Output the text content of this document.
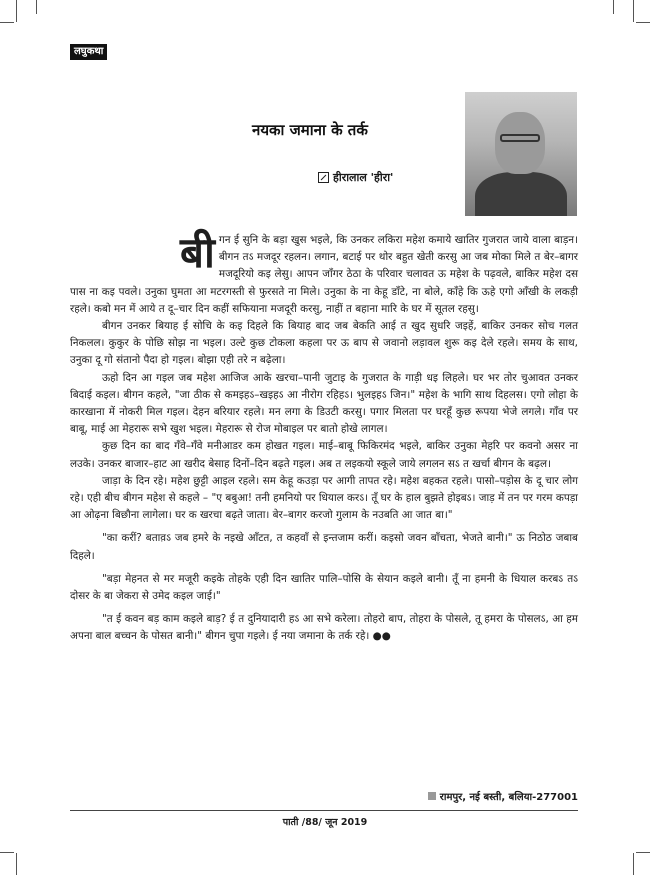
लघुकथा
नयका जमाना के तर्क
हीरालाल 'हीरा'

बीगन ई सुनि के बड़ा खुस भइले, कि उनकर लकिरा महेश कमाये खातिर गुजरात जाये वाला बाड़न। बीगन तऽ मजदूर रहलन। लगान, बटाई पर थोर बहुत खेती करसु आ जब मोका मिले त बेर–बागर मजदूरियो कइ लेसु। आपन जाँगर ठेठा के परिवार चलावत ऊ महेश के पढ़वले, बाकिर महेश दस पास ना कइ पवले। उनुका घुमता आ मटरगस्ती से फुरसते ना मिले। उनुका के ना केहू डाँटे, ना बोले, काँहे कि ऊहे एगो आँखी के लकड़ी रहले। कबो मन में आये त दू–चार दिन कहीं सफियाना मजदूरी करसु, नाहीं त बहाना मारि के घर में सूतल रहसु।

बीगन उनकर बियाह ई सोचि के कइ दिहले कि बियाह बाद जब बेकति आई त खुद सुधरि जइहें, बाकिर उनकर सोच गलत निकलल। कुकुर के पोछि सोझ ना भइल। उल्टे कुछ टोकला कहला पर ऊ बाप से जवानो लड़ावल शुरू कइ देले रहले। समय के साथ, उनुका दू गो संतानो पैदा हो गइल। बोझा एही तरे न बढ़ेला।

ऊहो दिन आ गइल जब महेश आजिज आके खरचा–पानी जुटाइ के गुजरात के गाड़ी धइ लिहले। घर भर तोर चुआवत उनकर बिदाई कइल। बीगन कहले, "जा ठीक से कमइहऽ–खइहऽ आ नीरोग रहिहऽ। भुलइहऽ जिन।" महेश के भागि साथ दिहलस। एगो लोहा के कारखाना में नोकरी मिल गइल। देहन बरियार रहले। मन लगा के डिउटी करसु। पगार मिलता पर घरहूँ कुछ रूपया भेजे लगले। गाँव पर बाबू, माई आ मेहरारू सभे खुश भइल। मेहरारू से रोज मोबाइल पर बातो होखे लागल।

कुछ दिन का बाद गँवे–गँवे मनीआडर कम होखत गइल। माई–बाबू फिकिरमंद भइले, बाकिर उनुका मेहरि पर कवनो असर ना लउके। उनकर बाजार–हाट आ खरीद बेसाह दिनों–दिन बढ़ते गइल। अब त लइकयो स्कूले जाये लगलन सऽ त खर्चा बीगन के बढ़ल।

जाड़ा के दिन रहे। महेश छुट्टी आइल रहले। सम केहू कउड़ा पर आगी तापत रहे। महेश बहकत रहले। पासो–पड़ोस के दू चार लोग रहे। एही बीच बीगन महेश से कहले – "ए बबुआ! तनी हमनियो पर धियाल करऽ। तूँ घर के हाल बुझते होइबऽ। जाड़ में तन पर गरम कपड़ा आ ओढ़ना बिछौना लागेला। घर क खरचा बढ़ते जाता। बेर–बागर करजो गुलाम के नउबति आ जात बा।"

"का करीं? बताव़ऽ जब हमरे के नइखे आँटत, त कहवाँ से इन्तजाम करीं। कइसो जवन बाँचता, भेजते बानी।" ऊ निठोठ जबाब दिहले।

"बड़ा मेहनत से मर मजूरी कइके तोहके एही दिन खातिर पालि–पोसि के सेयान कइले बानी। तूँ ना हमनी के धियाल करबऽ तऽ दोसर के बा जेकरा से उमेद कइल जाई।"

"त ई कवन बड़ काम कइले बाड़? ई त दुनियादारी हऽ आ सभे करेला। तोहरो बाप, तोहरा के पोसले, तू हमरा के पोसलऽ, आ हम अपना बाल बच्चन के पोसत बानी।" बीगन चुपा गइले। ई नया जमाना के तर्क रहे। ●●

रामपुर, नई बस्ती, बलिया-277001
पाती /88/ जून 2019
